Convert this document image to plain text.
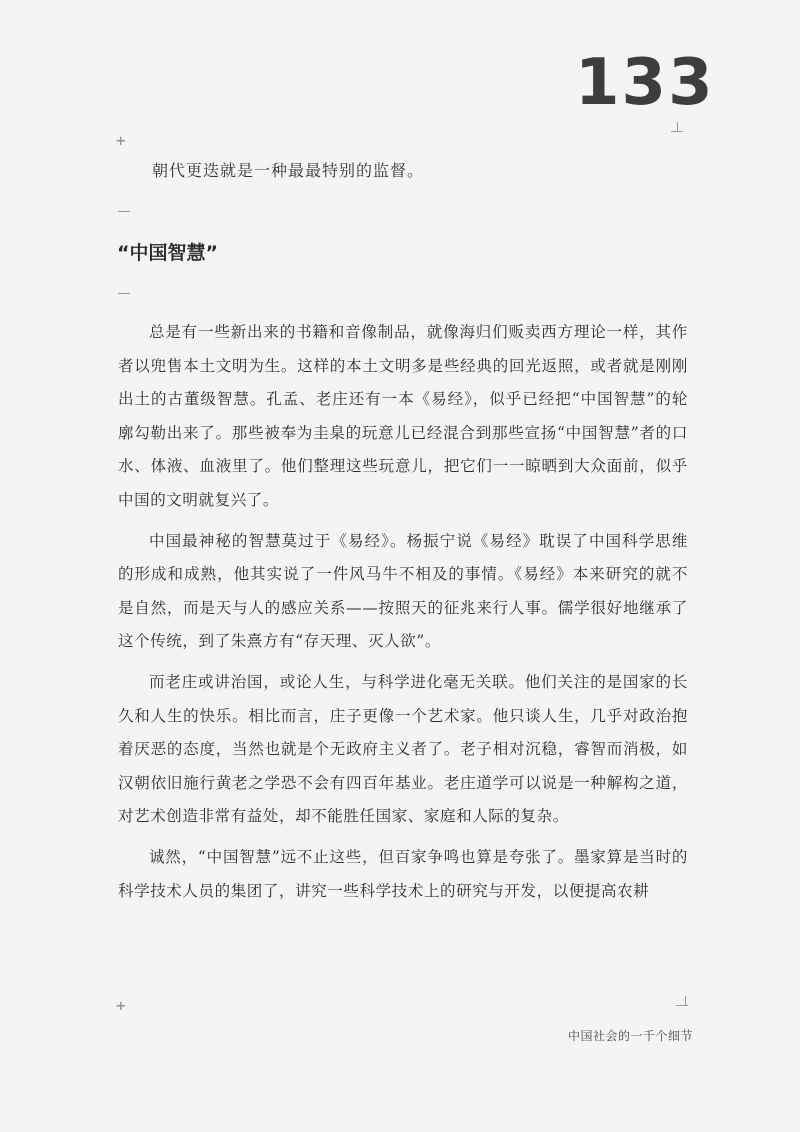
133
+
+
朝代更迭就是一种最最特别的监督。
“中国智慧”

总是有一些新出来的书籍和音像制品，就像海归们贩卖西方理论一样，其作者以兜售本土文明为生。这样的本土文明多是些经典的回光返照，或者就是刚刚出土的古董级智慧。孔孟、老庄还有一本《易经》，似乎已经把“中国智慧”的轮廓勾勒出来了。那些被奉为圭臬的玩意儿已经混合到那些宣扬“中国智慧”者的口水、体液、血液里了。他们整理这些玩意儿，把它们一一晾晒到大众面前，似乎中国的文明就复兴了。

中国最神秘的智慧莫过于《易经》。杨振宁说《易经》耽误了中国科学思维的形成和成熟，他其实说了一件风马牛不相及的事情。《易经》本来研究的就不是自然，而是天与人的感应关系——按照天的征兆来行人事。儒学很好地继承了这个传统，到了朱熹方有“存天理、灭人欲”。

而老庄或讲治国，或论人生，与科学进化毫无关联。他们关注的是国家的长久和人生的快乐。相比而言，庄子更像一个艺术家。他只谈人生，几乎对政治抱着厌恶的态度，当然也就是个无政府主义者了。老子相对沉稳，睿智而消极，如汉朝依旧施行黄老之学恐不会有四百年基业。老庄道学可以说是一种解构之道，对艺术创造非常有益处，却不能胜任国家、家庭和人际的复杂。

诚然，“中国智慧”远不止这些，但百家争鸣也算是夸张了。墨家算是当时的科学技术人员的集团了，讲究一些科学技术上的研究与开发，以便提高农耕

中国社会的一千个细节
